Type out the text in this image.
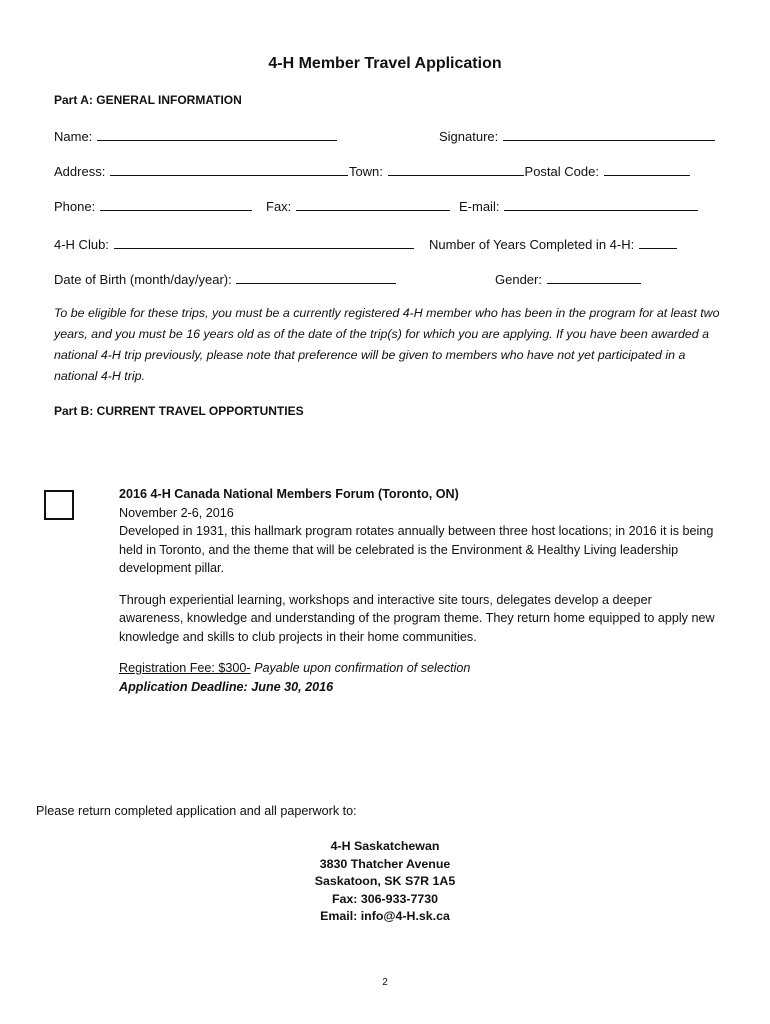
4-H Member Travel Application
Part A: GENERAL INFORMATION
Name:	Signature:
Address:	Town:	Postal Code:
Phone:	Fax:	E-mail:
4-H Club:	Number of Years Completed in 4-H:
Date of Birth (month/day/year):	Gender:
To be eligible for these trips, you must be a currently registered 4-H member who has been in the program for at least two years, and you must be 16 years old as of the date of the trip(s) for which you are applying. If you have been awarded a national 4-H trip previously, please note that preference will be given to members who have not yet participated in a national 4-H trip.
Part B: CURRENT TRAVEL OPPORTUNTIES
2016 4-H Canada National Members Forum (Toronto, ON)
November 2-6, 2016
Developed in 1931, this hallmark program rotates annually between three host locations; in 2016 it is being held in Toronto, and the theme that will be celebrated is the Environment & Healthy Living leadership development pillar.
Through experiential learning, workshops and interactive site tours, delegates develop a deeper awareness, knowledge and understanding of the program theme. They return home equipped to apply new knowledge and skills to club projects in their home communities.
Registration Fee: $300- Payable upon confirmation of selection
Application Deadline: June 30, 2016
Please return completed application and all paperwork to:
4-H Saskatchewan
3830 Thatcher Avenue
Saskatoon, SK S7R 1A5
Fax: 306-933-7730
Email: info@4-H.sk.ca
2
